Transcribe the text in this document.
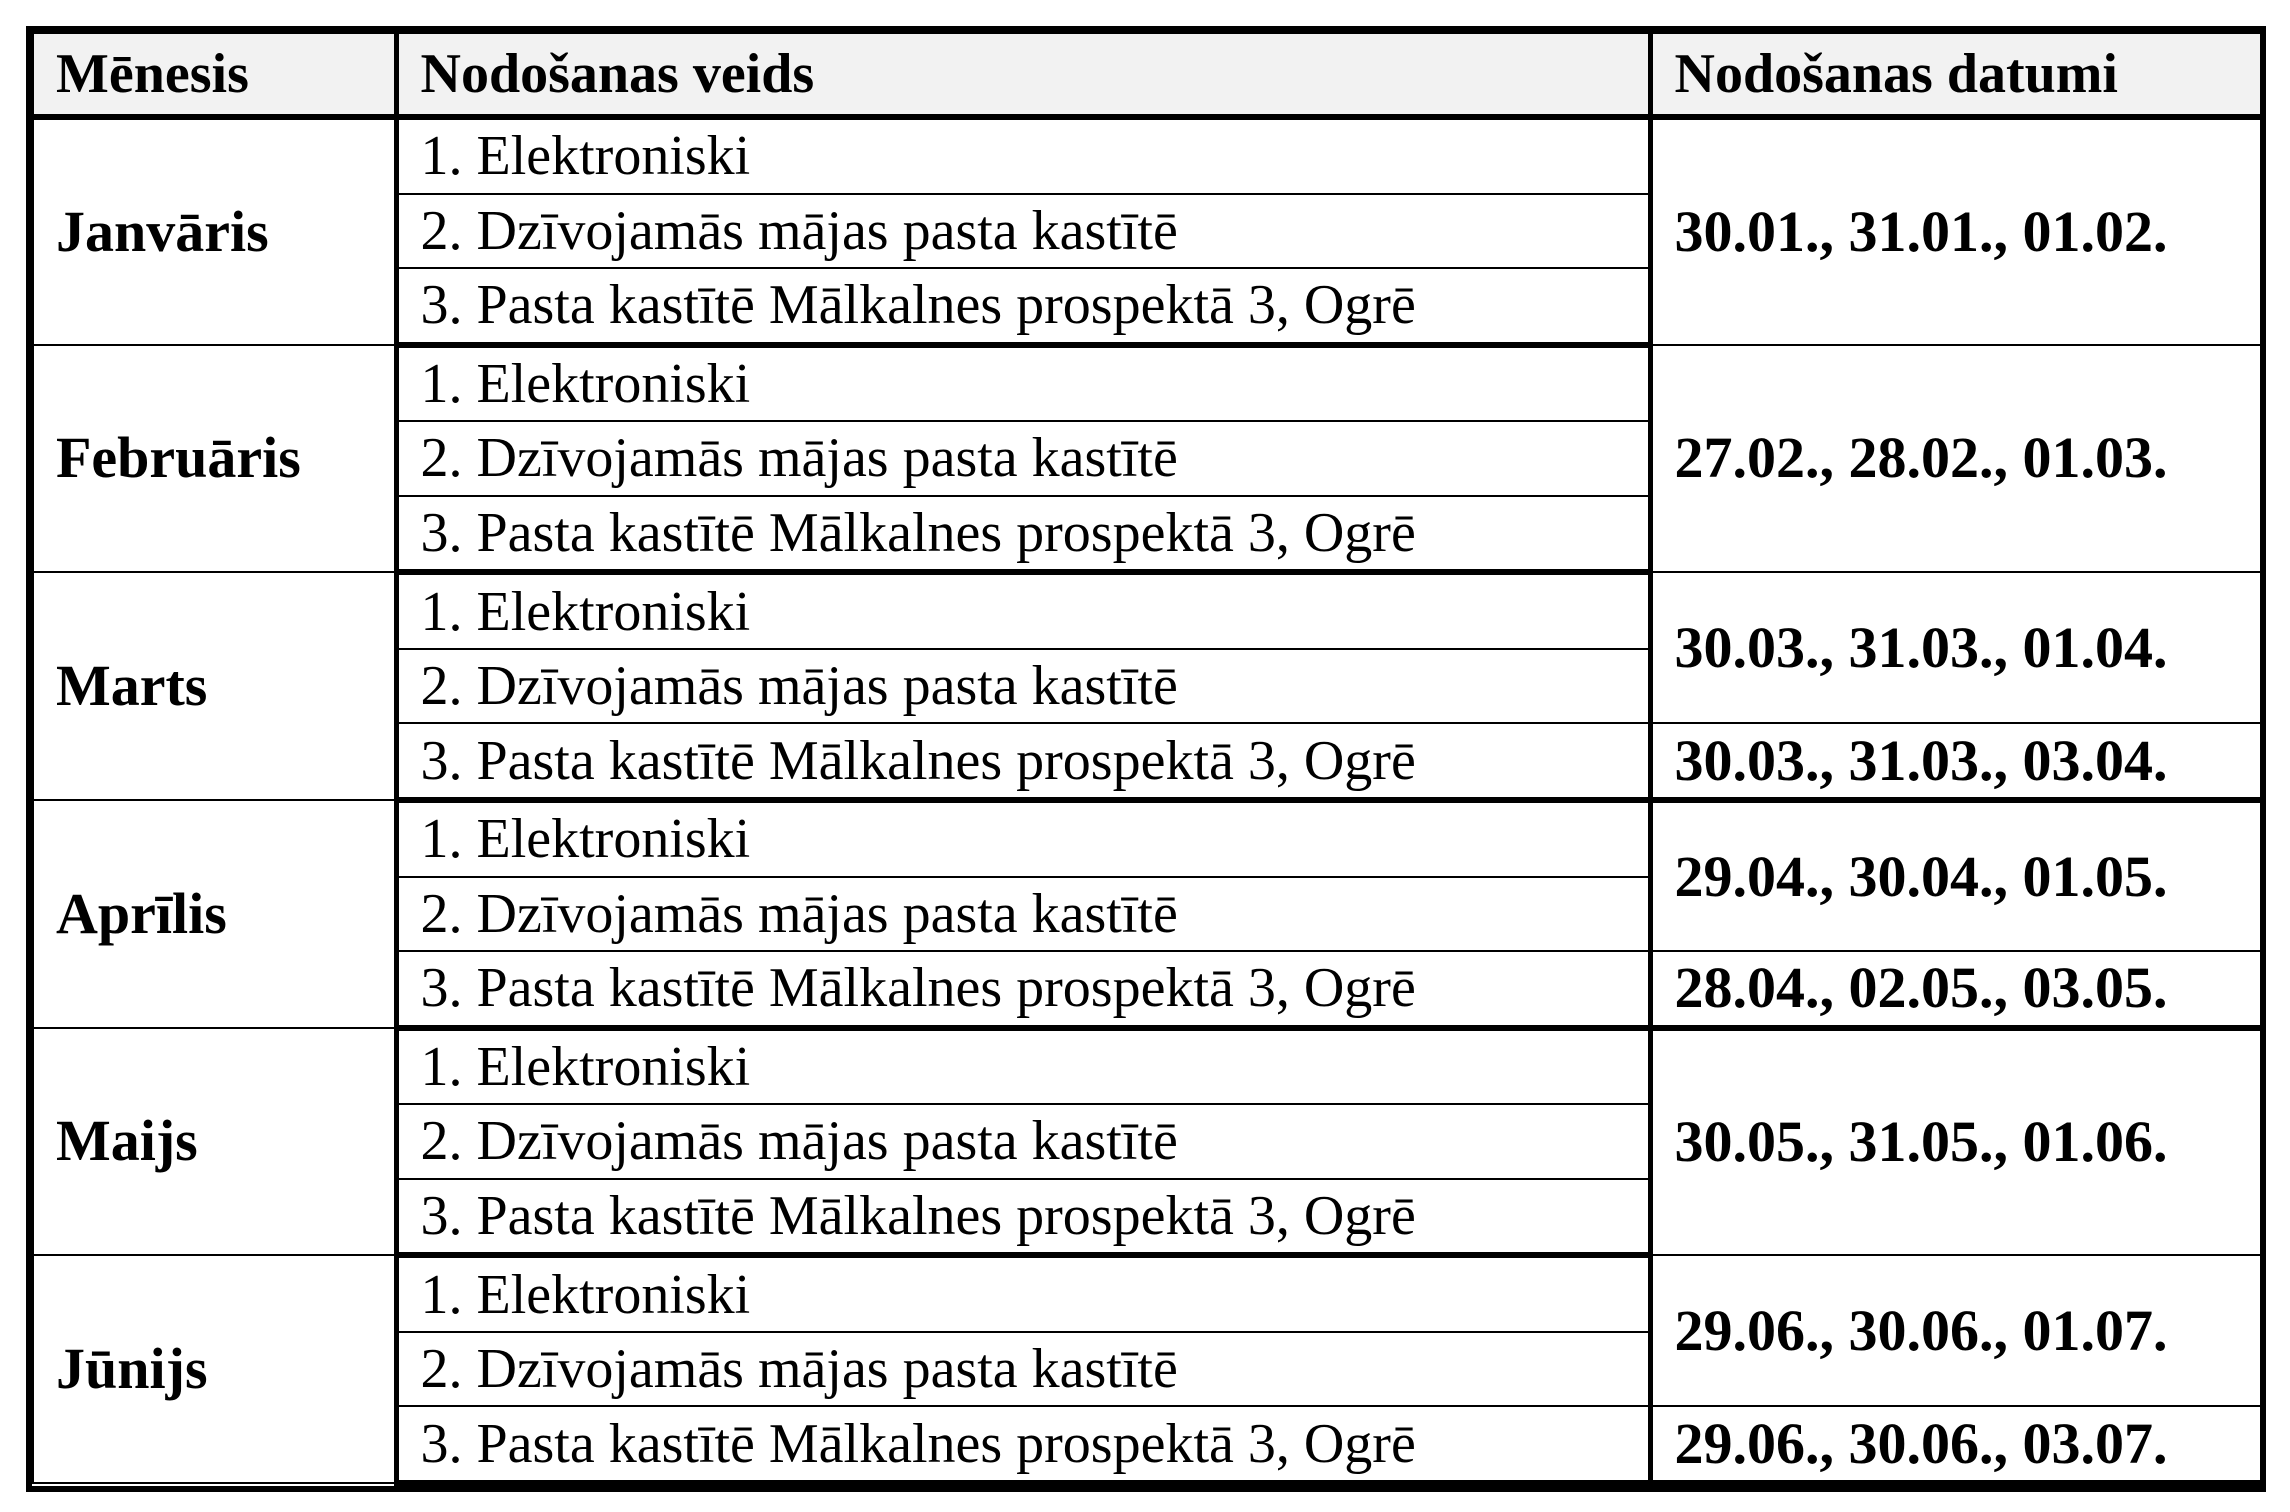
Mēnesis	Nodošanas veids	Nodošanas datumi
Janvāris	1. Elektroniski	30.01., 31.01., 01.02.
	2. Dzīvojamās mājas pasta kastītē	
	3. Pasta kastītē Mālkalnes prospektā 3, Ogrē	
Februāris	1. Elektroniski	27.02., 28.02., 01.03.
	2. Dzīvojamās mājas pasta kastītē	
	3. Pasta kastītē Mālkalnes prospektā 3, Ogrē	
Marts	1. Elektroniski	30.03., 31.03., 01.04.
	2. Dzīvojamās mājas pasta kastītē	
	3. Pasta kastītē Mālkalnes prospektā 3, Ogrē	30.03., 31.03., 03.04.
Aprīlis	1. Elektroniski	29.04., 30.04., 01.05.
	2. Dzīvojamās mājas pasta kastītē	
	3. Pasta kastītē Mālkalnes prospektā 3, Ogrē	28.04., 02.05., 03.05.
Maijs	1. Elektroniski	30.05., 31.05., 01.06.
	2. Dzīvojamās mājas pasta kastītē	
	3. Pasta kastītē Mālkalnes prospektā 3, Ogrē	
Jūnijs	1. Elektroniski	29.06., 30.06., 01.07.
	2. Dzīvojamās mājas pasta kastītē	
	3. Pasta kastītē Mālkalnes prospektā 3, Ogrē	29.06., 30.06., 03.07.
